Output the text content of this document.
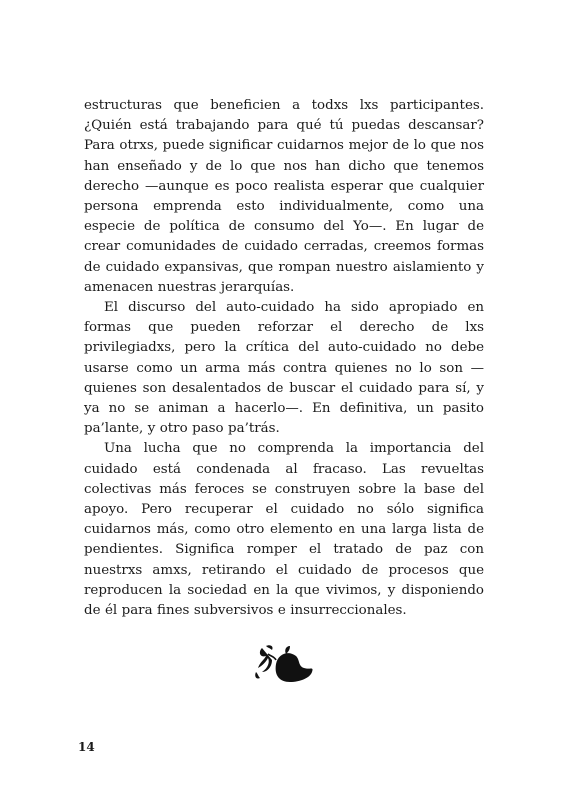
estructuras que beneficien a todxs lxs participantes. ¿Quién está trabajando para qué tú puedas descansar? Para otrxs, puede significar cuidarnos mejor de lo que nos han enseñado y de lo que nos han dicho que tenemos derecho —aunque es poco realista esperar que cualquier persona emprenda esto individualmente, como una especie de política de consumo del Yo—. En lugar de crear comunidades de cuidado cerradas, creemos formas de cuidado expansivas, que rompan nuestro aislamiento y amenacen nuestras jerarquías.

El discurso del auto-cuidado ha sido apropiado en formas que pueden reforzar el derecho de lxs privilegiadxs, pero la crítica del auto-cuidado no debe usarse como un arma más contra quienes no lo son —quienes son desalentados de buscar el cuidado para sí, y ya no se animan a hacerlo—. En definitiva, un pasito pa’lante, y otro paso pa’trás.

Una lucha que no comprenda la importancia del cuidado está condenada al fracaso. Las revueltas colectivas más feroces se construyen sobre la base del apoyo. Pero recuperar el cuidado no sólo significa cuidarnos más, como otro elemento en una larga lista de pendientes. Significa romper el tratado de paz con nuestrxs amxs, retirando el cuidado de procesos que reproducen la sociedad en la que vivimos, y disponiendo de él para fines subversivos e insurreccionales.

14
